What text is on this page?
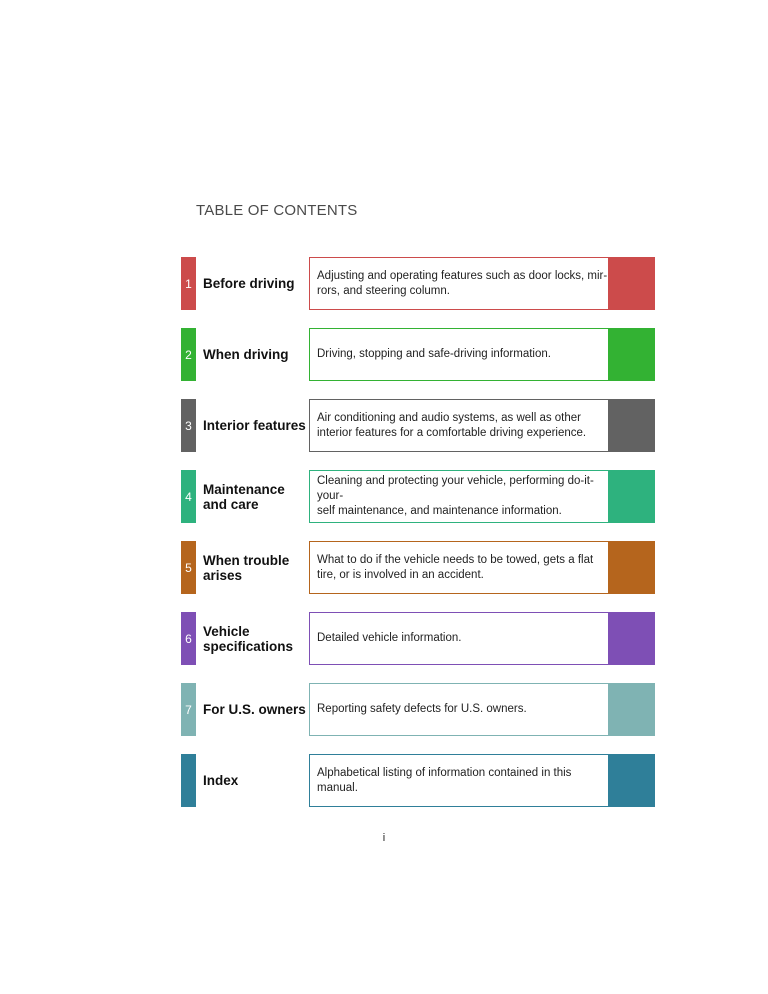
TABLE OF CONTENTS
1 Before driving
Adjusting and operating features such as door locks, mir-
rors, and steering column.
2 When driving	Driving, stopping and safe-driving information.
3 Interior features
Air conditioning and audio systems, as well as other interior features for a comfortable driving experience.
4 Maintenance
and care
Cleaning and protecting your vehicle, performing do-it-your-
self maintenance, and maintenance information.
5 When trouble
arises
What to do if the vehicle needs to be towed, gets a flat tire, or is involved in an accident.
6 Vehicle
specifications
Detailed vehicle information.
7 For U.S. owners Reporting safety defects for U.S. owners.
Index
Alphabetical listing of information contained in this manual.
i
